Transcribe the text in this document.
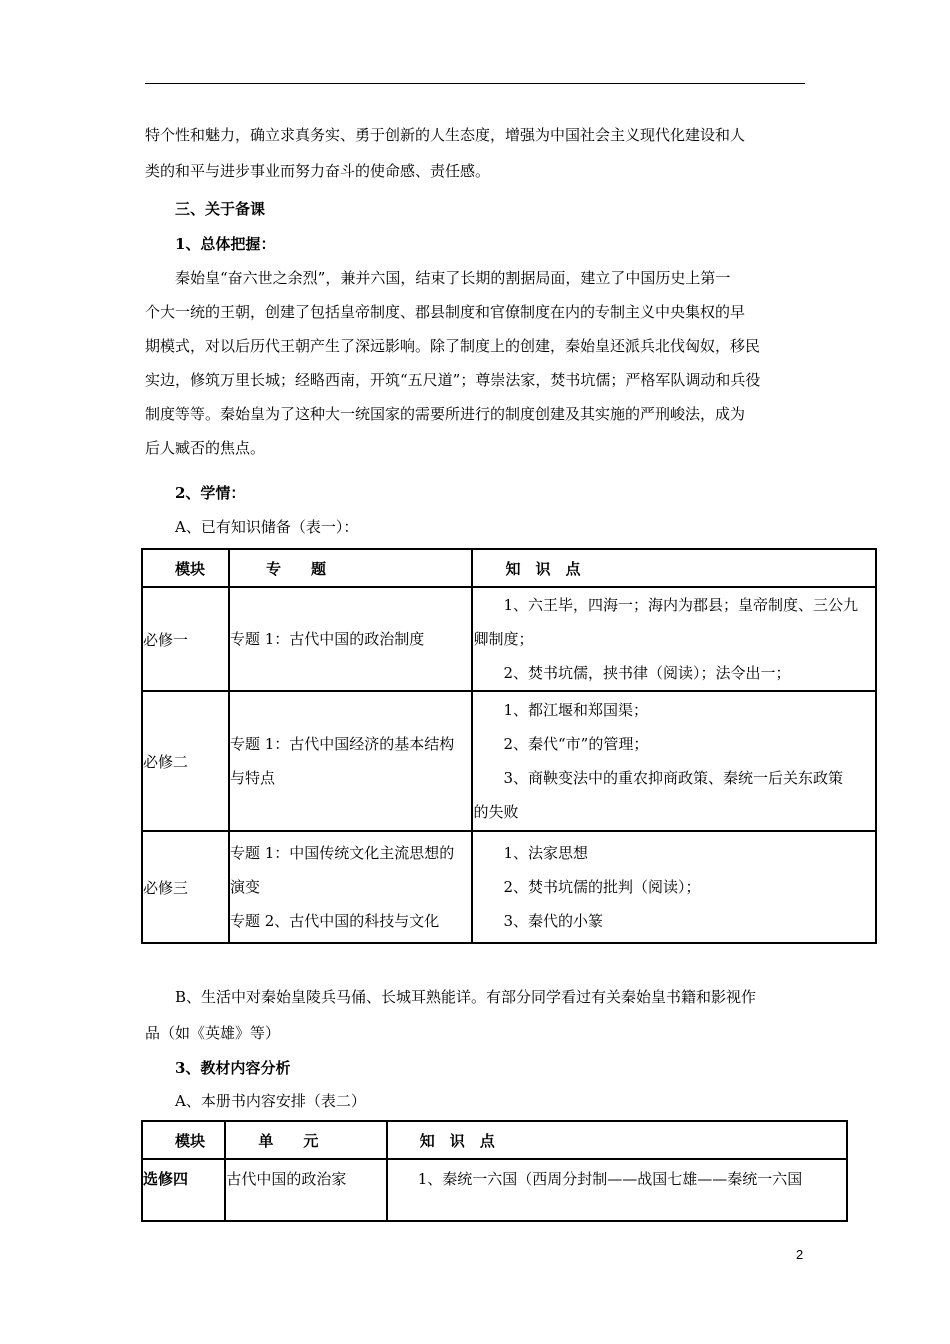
特个性和魅力，确立求真务实、勇于创新的人生态度，增强为中国社会主义现代化建设和人
类的和平与进步事业而努力奋斗的使命感、责任感。
三、关于备课
1、总体把握：
　　秦始皇“奋六世之余烈”，兼并六国，结束了长期的割据局面，建立了中国历史上第一
个大一统的王朝，创建了包括皇帝制度、郡县制度和官僚制度在内的专制主义中央集权的早
期模式，对以后历代王朝产生了深远影响。除了制度上的创建，秦始皇还派兵北伐匈奴，移民
实边，修筑万里长城；经略西南，开筑“五尺道”；尊崇法家，焚书坑儒；严格军队调动和兵役
制度等等。秦始皇为了这种大一统国家的需要所进行的制度创建及其实施的严刑峻法，成为
后人臧否的焦点。
2、学情：
A、已有知识储备（表一）：
模块	专　　题	知　识　点
必修一	专题 1：古代中国的政治制度	　　1、六王毕，四海一；海内为郡县；皇帝制度、三公九
卿制度；
　　2、焚书坑儒，挟书律（阅读）；法令出一；

必修二	专题 1：古代中国经济的基本结构
与特点	　　1、都江堰和郑国渠；
　　2、秦代“市”的管理；
　　3、商鞅变法中的重农抑商政策、秦统一后关东政策
的失败

必修三	专题 1：中国传统文化主流思想的
演变
专题 2、古代中国的科技与文化	　　1、法家思想
　　2、焚书坑儒的批判（阅读）；
　　3、秦代的小篆
　　B、生活中对秦始皇陵兵马俑、长城耳熟能详。有部分同学看过有关秦始皇书籍和影视作
品（如《英雄》等）
3、教材内容分析
A、本册书内容安排（表二）
模块	单　　元	知　识　点
选修四	古代中国的政治家	　　1、秦统一六国（西周分封制——战国七雄——秦统一六国
2
